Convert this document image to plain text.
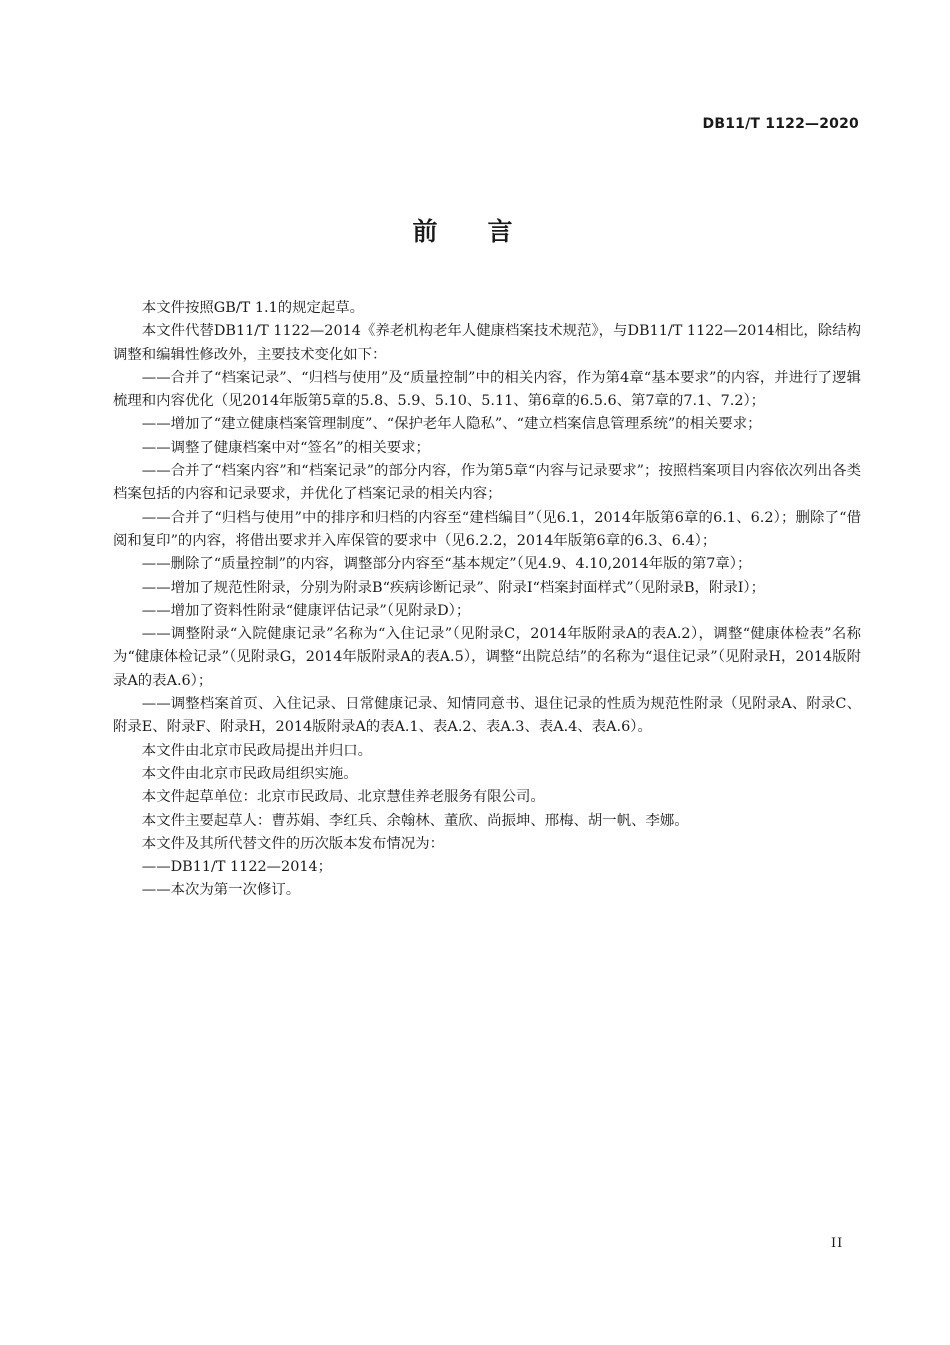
DB11/T 1122—2020
前言

本文件按照GB/T 1.1的规定起草。

本文件代替DB11/T 1122—2014《养老机构老年人健康档案技术规范》，与DB11/T 1122—2014相比，除结构调整和编辑性修改外，主要技术变化如下：

——合并了“档案记录”、“归档与使用”及“质量控制”中的相关内容，作为第4章“基本要求”的内容，并进行了逻辑梳理和内容优化（见2014年版第5章的5.8、5.9、5.10、5.11、第6章的6.5.6、第7章的7.1、7.2）；

——增加了“建立健康档案管理制度”、“保护老年人隐私”、“建立档案信息管理系统”的相关要求；

——调整了健康档案中对“签名”的相关要求；

——合并了“档案内容”和“档案记录”的部分内容，作为第5章“内容与记录要求”；按照档案项目内容依次列出各类档案包括的内容和记录要求，并优化了档案记录的相关内容；

——合并了“归档与使用”中的排序和归档的内容至“建档编目”（见6.1，2014年版第6章的6.1、6.2）；删除了“借阅和复印”的内容，将借出要求并入库保管的要求中（见6.2.2，2014年版第6章的6.3、6.4）；

——删除了“质量控制”的内容，调整部分内容至“基本规定”（见4.9、4.10,2014年版的第7章）；

——增加了规范性附录，分别为附录B“疾病诊断记录”、附录I“档案封面样式”（见附录B，附录I）；

——增加了资料性附录“健康评估记录”（见附录D）；

——调整附录“入院健康记录”名称为“入住记录”（见附录C，2014年版附录A的表A.2），调整“健康体检表”名称为“健康体检记录”（见附录G，2014年版附录A的表A.5），调整“出院总结”的名称为“退住记录”（见附录H，2014版附录A的表A.6）；

——调整档案首页、入住记录、日常健康记录、知情同意书、退住记录的性质为规范性附录（见附录A、附录C、附录E、附录F、附录H，2014版附录A的表A.1、表A.2、表A.3、表A.4、表A.6）。

本文件由北京市民政局提出并归口。

本文件由北京市民政局组织实施。

本文件起草单位：北京市民政局、北京慧佳养老服务有限公司。

本文件主要起草人：曹苏娟、李红兵、余翰林、董欣、尚振坤、邢梅、胡一帆、李娜。

本文件及其所代替文件的历次版本发布情况为：

——DB11/T 1122—2014；

——本次为第一次修订。

II
